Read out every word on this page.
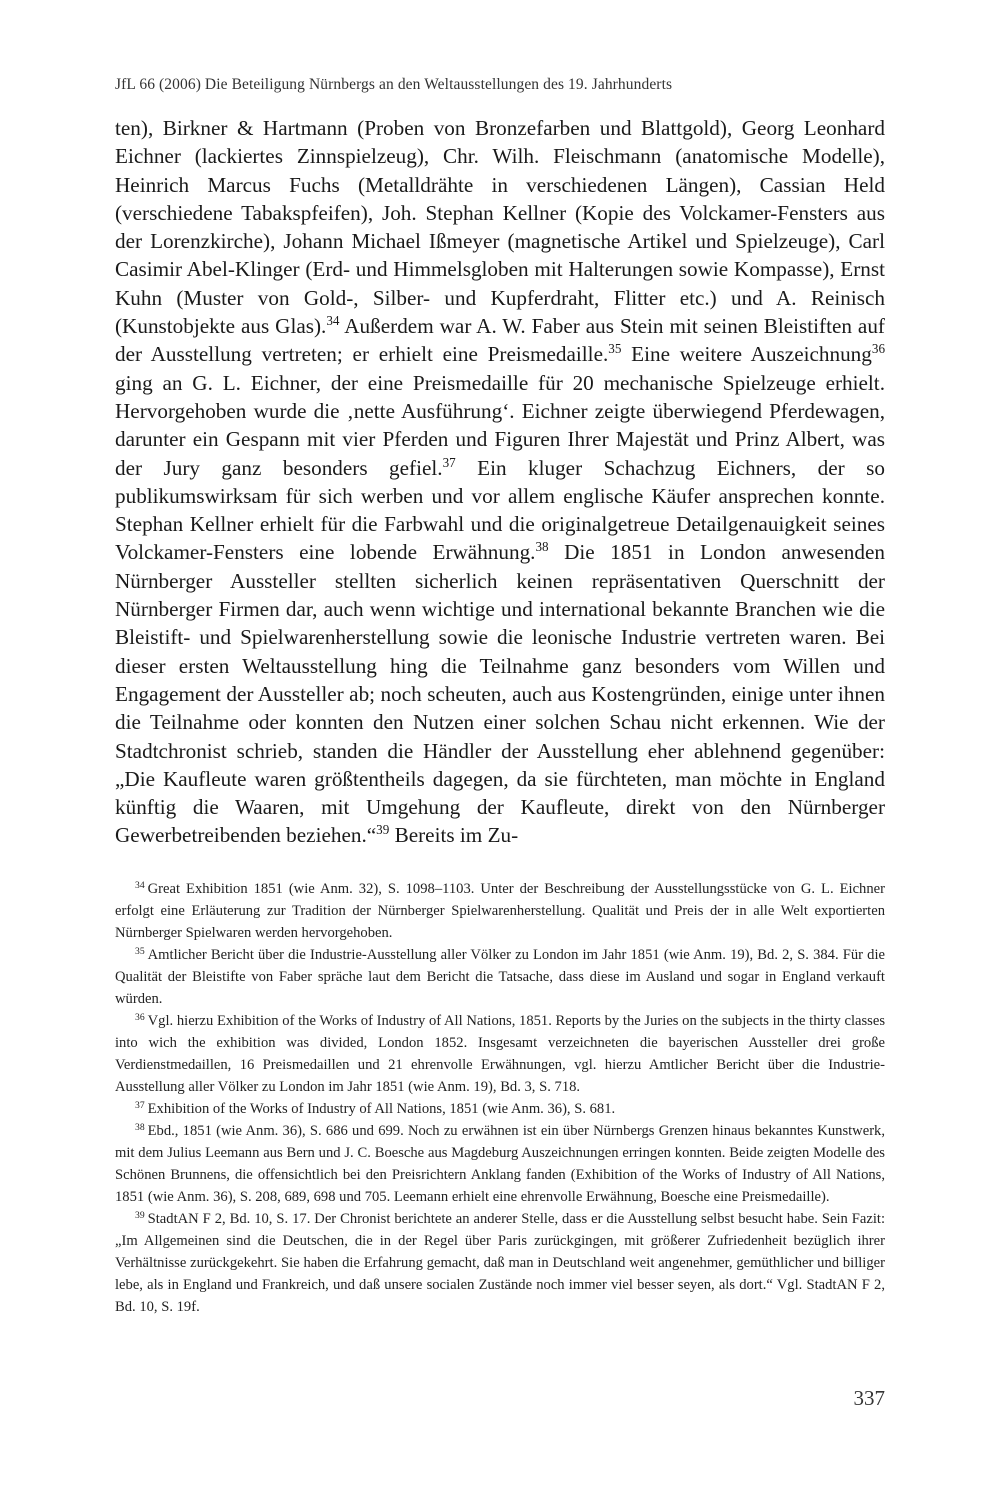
JfL 66 (2006) Die Beteiligung Nürnbergs an den Weltausstellungen des 19. Jahrhunderts

ten), Birkner & Hartmann (Proben von Bronzefarben und Blattgold), Georg Leonhard Eichner (lackiertes Zinnspielzeug), Chr. Wilh. Fleischmann (anatomische Modelle), Heinrich Marcus Fuchs (Metalldrähte in verschiedenen Längen), Cassian Held (verschiedene Tabakspfeifen), Joh. Stephan Kellner (Kopie des Volckamer-Fensters aus der Lorenzkirche), Johann Michael Ißmeyer (magnetische Artikel und Spielzeuge), Carl Casimir Abel-Klinger (Erd- und Himmelsgloben mit Halterungen sowie Kompasse), Ernst Kuhn (Muster von Gold-, Silber- und Kupferdraht, Flitter etc.) und A. Reinisch (Kunstobjekte aus Glas).$^{34}$ Außerdem war A. W. Faber aus Stein mit seinen Bleistiften auf der Ausstellung vertreten; er erhielt eine Preismedaille.$^{35}$ Eine weitere Auszeichnung$^{36}$ ging an G. L. Eichner, der eine Preismedaille für 20 mechanische Spielzeuge erhielt. Hervorgehoben wurde die ‚nette Ausführung‘. Eichner zeigte überwiegend Pferdewagen, darunter ein Gespann mit vier Pferden und Figuren Ihrer Majestät und Prinz Albert, was der Jury ganz besonders gefiel.$^{37}$ Ein kluger Schachzug Eichners, der so publikumswirksam für sich werben und vor allem englische Käufer ansprechen konnte. Stephan Kellner erhielt für die Farbwahl und die originalgetreue Detailgenauigkeit seines Volckamer-Fensters eine lobende Erwähnung.$^{38}$ Die 1851 in London anwesenden Nürnberger Aussteller stellten sicherlich keinen repräsentativen Querschnitt der Nürnberger Firmen dar, auch wenn wichtige und international bekannte Branchen wie die Bleistift- und Spielwarenherstellung sowie die leonische Industrie vertreten waren. Bei dieser ersten Weltausstellung hing die Teilnahme ganz besonders vom Willen und Engagement der Aussteller ab; noch scheuten, auch aus Kostengründen, einige unter ihnen die Teilnahme oder konnten den Nutzen einer solchen Schau nicht erkennen. Wie der Stadtchronist schrieb, standen die Händler der Ausstellung eher ablehnend gegenüber: „Die Kaufleute waren größtentheils dagegen, da sie fürchteten, man möchte in England künftig die Waaren, mit Umgehung der Kaufleute, direkt von den Nürnberger Gewerbetreibenden beziehen.“$^{39}$ Bereits im Zu-

$^{34}$ Great Exhibition 1851 (wie Anm. 32), S. 1098–1103. Unter der Beschreibung der Ausstellungsstücke von G. L. Eichner erfolgt eine Erläuterung zur Tradition der Nürnberger Spielwarenherstellung. Qualität und Preis der in alle Welt exportierten Nürnberger Spielwaren werden hervorgehoben.

$^{35}$ Amtlicher Bericht über die Industrie-Ausstellung aller Völker zu London im Jahr 1851 (wie Anm. 19), Bd. 2, S. 384. Für die Qualität der Bleistifte von Faber spräche laut dem Bericht die Tatsache, dass diese im Ausland und sogar in England verkauft würden.

$^{36}$ Vgl. hierzu Exhibition of the Works of Industry of All Nations, 1851. Reports by the Juries on the subjects in the thirty classes into wich the exhibition was divided, London 1852. Insgesamt verzeichneten die bayerischen Aussteller drei große Verdienstmedaillen, 16 Preismedaillen und 21 ehrenvolle Erwähnungen, vgl. hierzu Amtlicher Bericht über die Industrie-Ausstellung aller Völker zu London im Jahr 1851 (wie Anm. 19), Bd. 3, S. 718.

$^{37}$ Exhibition of the Works of Industry of All Nations, 1851 (wie Anm. 36), S. 681.

$^{38}$ Ebd., 1851 (wie Anm. 36), S. 686 und 699. Noch zu erwähnen ist ein über Nürnbergs Grenzen hinaus bekanntes Kunstwerk, mit dem Julius Leemann aus Bern und J. C. Boesche aus Magdeburg Auszeichnungen erringen konnten. Beide zeigten Modelle des Schönen Brunnens, die offensichtlich bei den Preisrichtern Anklang fanden (Exhibition of the Works of Industry of All Nations, 1851 (wie Anm. 36), S. 208, 689, 698 und 705. Leemann erhielt eine ehrenvolle Erwähnung, Boesche eine Preismedaille).

$^{39}$ StadtAN F 2, Bd. 10, S. 17. Der Chronist berichtete an anderer Stelle, dass er die Ausstellung selbst besucht habe. Sein Fazit: „Im Allgemeinen sind die Deutschen, die in der Regel über Paris zurückgingen, mit größerer Zufriedenheit bezüglich ihrer Verhältnisse zurückgekehrt. Sie haben die Erfahrung gemacht, daß man in Deutschland weit angenehmer, gemüthlicher und billiger lebe, als in England und Frankreich, und daß unsere socialen Zustände noch immer viel besser seyen, als dort.“ Vgl. StadtAN F 2, Bd. 10, S. 19f.

337
